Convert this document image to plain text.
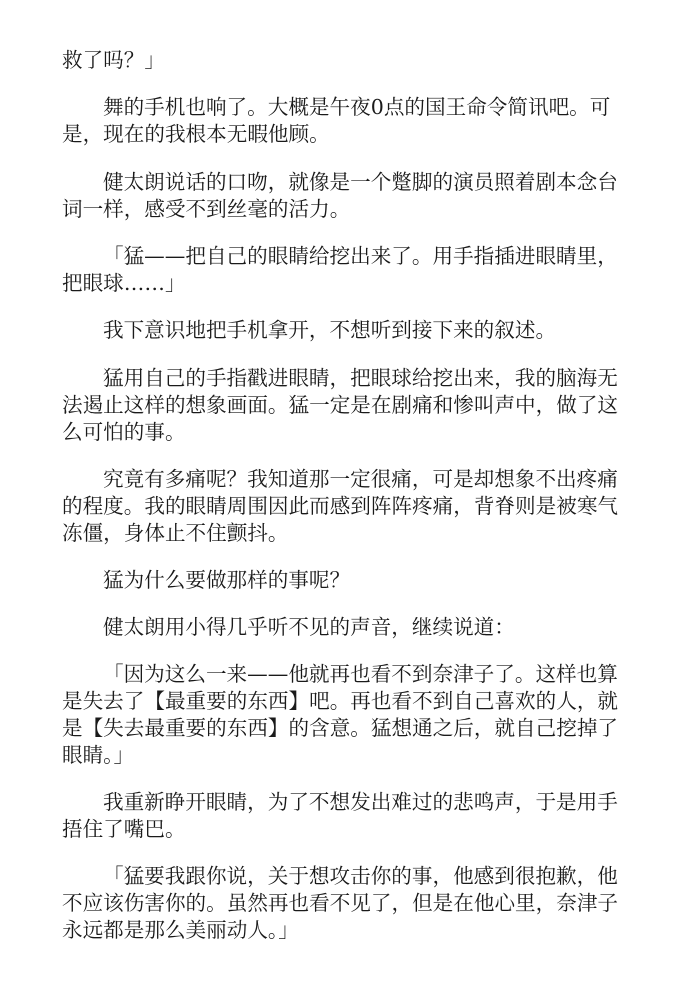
救了吗？」
舞的手机也响了。大概是午夜0点的国王命令简讯吧。可
是，现在的我根本无暇他顾。
健太朗说话的口吻，就像是一个蹩脚的演员照着剧本念台
词一样，感受不到丝毫的活力。
「猛——把自己的眼睛给挖出来了。用手指插进眼睛里，
把眼球……」
我下意识地把手机拿开，不想听到接下来的叙述。
猛用自己的手指戳进眼睛，把眼球给挖出来，我的脑海无
法遏止这样的想象画面。猛一定是在剧痛和惨叫声中，做了这
么可怕的事。
究竟有多痛呢？我知道那一定很痛，可是却想象不出疼痛
的程度。我的眼睛周围因此而感到阵阵疼痛，背脊则是被寒气
冻僵，身体止不住颤抖。
猛为什么要做那样的事呢？
健太朗用小得几乎听不见的声音，继续说道：
「因为这么一来——他就再也看不到奈津子了。这样也算
是失去了【最重要的东西】吧。再也看不到自己喜欢的人，就
是【失去最重要的东西】的含意。猛想通之后，就自己挖掉了
眼睛。」
我重新睁开眼睛，为了不想发出难过的悲鸣声，于是用手
捂住了嘴巴。
「猛要我跟你说，关于想攻击你的事，他感到很抱歉，他
不应该伤害你的。虽然再也看不见了，但是在他心里，奈津子
永远都是那么美丽动人。」
